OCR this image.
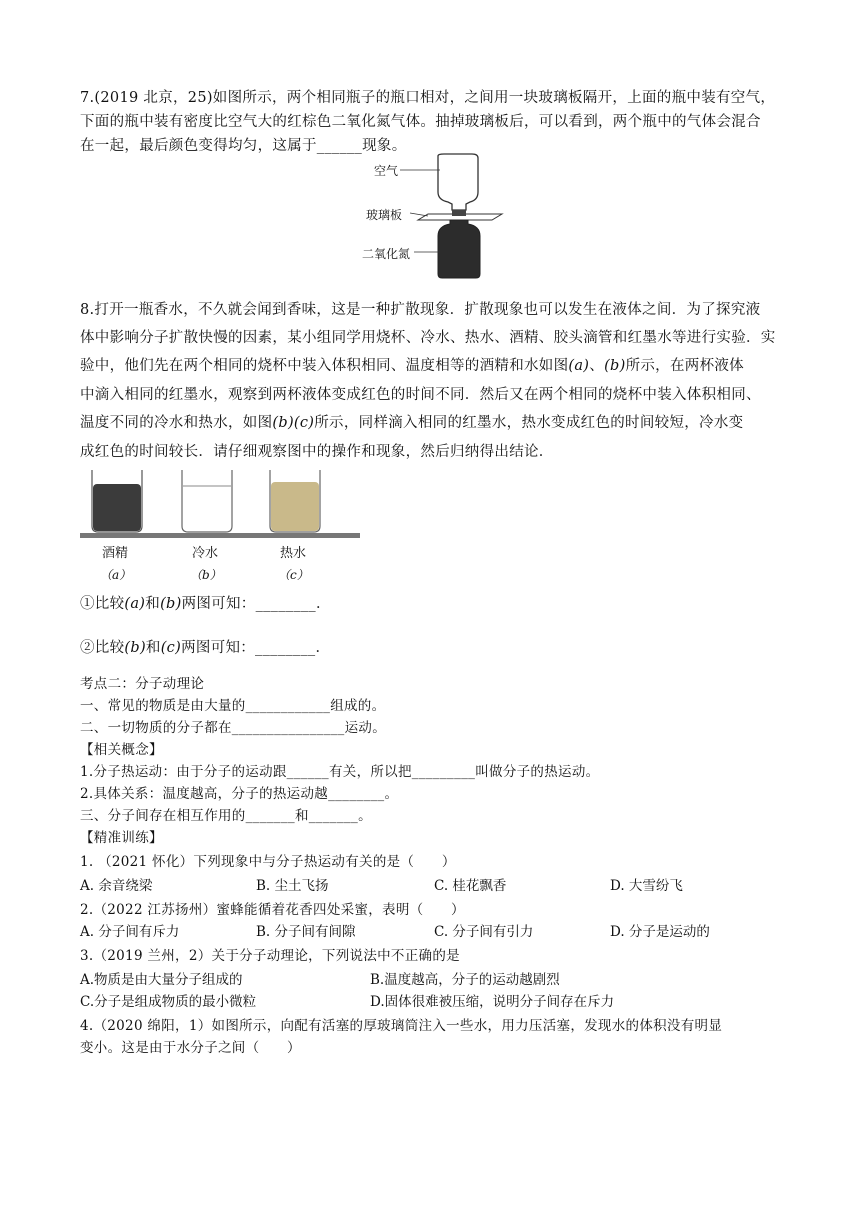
7.(2019 北京，25)如图所示，两个相同瓶子的瓶口相对，之间用一块玻璃板隔开，上面的瓶中装有空气，
下面的瓶中装有密度比空气大的红棕色二氧化氮气体。抽掉玻璃板后，可以看到，两个瓶中的气体会混合
在一起，最后颜色变得均匀，这属于______现象。
空气
玻璃板
二氧化氮
8.打开一瓶香水，不久就会闻到香味，这是一种扩散现象．扩散现象也可以发生在液体之间．为了探究液
体中影响分子扩散快慢的因素，某小组同学用烧杯、冷水、热水、酒精、胶头滴管和红墨水等进行实验．实
验中，他们先在两个相同的烧杯中装入体积相同、温度相等的酒精和水如图(a)、(b)所示，在两杯液体
中滴入相同的红墨水，观察到两杯液体变成红色的时间不同．然后又在两个相同的烧杯中装入体积相同、
温度不同的冷水和热水，如图(b)(c)所示，同样滴入相同的红墨水，热水变成红色的时间较短，冷水变
成红色的时间较长．请仔细观察图中的操作和现象，然后归纳得出结论．
酒精	冷水	热水
（a）	（b）	（c）
①比较(a)和(b)两图可知：________．
②比较(b)和(c)两图可知：________．
考点二：分子动理论
一、常见的物质是由大量的____________组成的。
二、一切物质的分子都在________________运动。
【相关概念】
1.分子热运动：由于分子的运动跟______有关，所以把_________叫做分子的热运动。
2.具体关系：温度越高，分子的热运动越________。
三、分子间存在相互作用的_______和_______。
【精准训练】
1. （2021 怀化）下列现象中与分子热运动有关的是（　　）
A. 余音绕梁	B. 尘土飞扬	C. 桂花飘香	D. 大雪纷飞
2.（2022 江苏扬州）蜜蜂能循着花香四处采蜜，表明（　　）
A. 分子间有斥力	B. 分子间有间隙	C. 分子间有引力	D. 分子是运动的
3.（2019 兰州，2）关于分子动理论，下列说法中不正确的是
A.物质是由大量分子组成的	B.温度越高，分子的运动越剧烈
C.分子是组成物质的最小微粒	D.固体很难被压缩，说明分子间存在斥力
4.（2020 绵阳，1）如图所示，向配有活塞的厚玻璃筒注入一些水，用力压活塞，发现水的体积没有明显
变小。这是由于水分子之间（　　）
